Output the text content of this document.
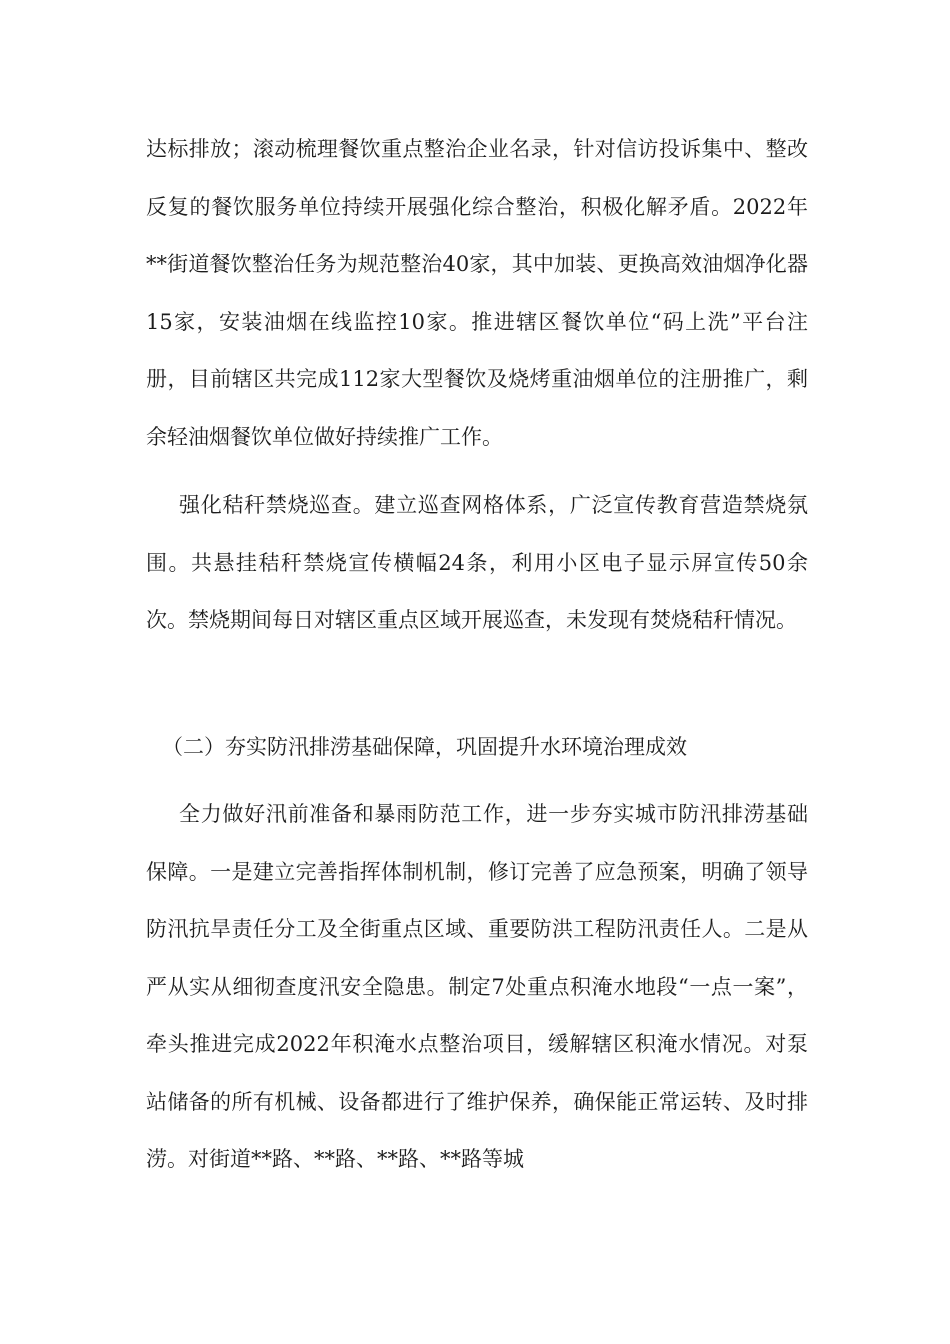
达标排放；滚动梳理餐饮重点整治企业名录，针对信访投诉集中、整改反复的餐饮服务单位持续开展强化综合整治，积极化解矛盾。2022年**街道餐饮整治任务为规范整治40家，其中加装、更换高效油烟净化器15家，安装油烟在线监控10家。推进辖区餐饮单位“码上洗”平台注册，目前辖区共完成112家大型餐饮及烧烤重油烟单位的注册推广，剩余轻油烟餐饮单位做好持续推广工作。

强化秸秆禁烧巡查。建立巡查网格体系，广泛宣传教育营造禁烧氛围。共悬挂秸秆禁烧宣传横幅24条，利用小区电子显示屏宣传50余次。禁烧期间每日对辖区重点区域开展巡查，未发现有焚烧秸秆情况。

（二）夯实防汛排涝基础保障，巩固提升水环境治理成效

全力做好汛前准备和暴雨防范工作，进一步夯实城市防汛排涝基础保障。一是建立完善指挥体制机制，修订完善了应急预案，明确了领导防汛抗旱责任分工及全街重点区域、重要防洪工程防汛责任人。二是从严从实从细彻查度汛安全隐患。制定7处重点积淹水地段“一点一案”，牵头推进完成2022年积淹水点整治项目，缓解辖区积淹水情况。对泵站储备的所有机械、设备都进行了维护保养，确保能正常运转、及时排涝。对街道**路、**路、**路、**路等城
